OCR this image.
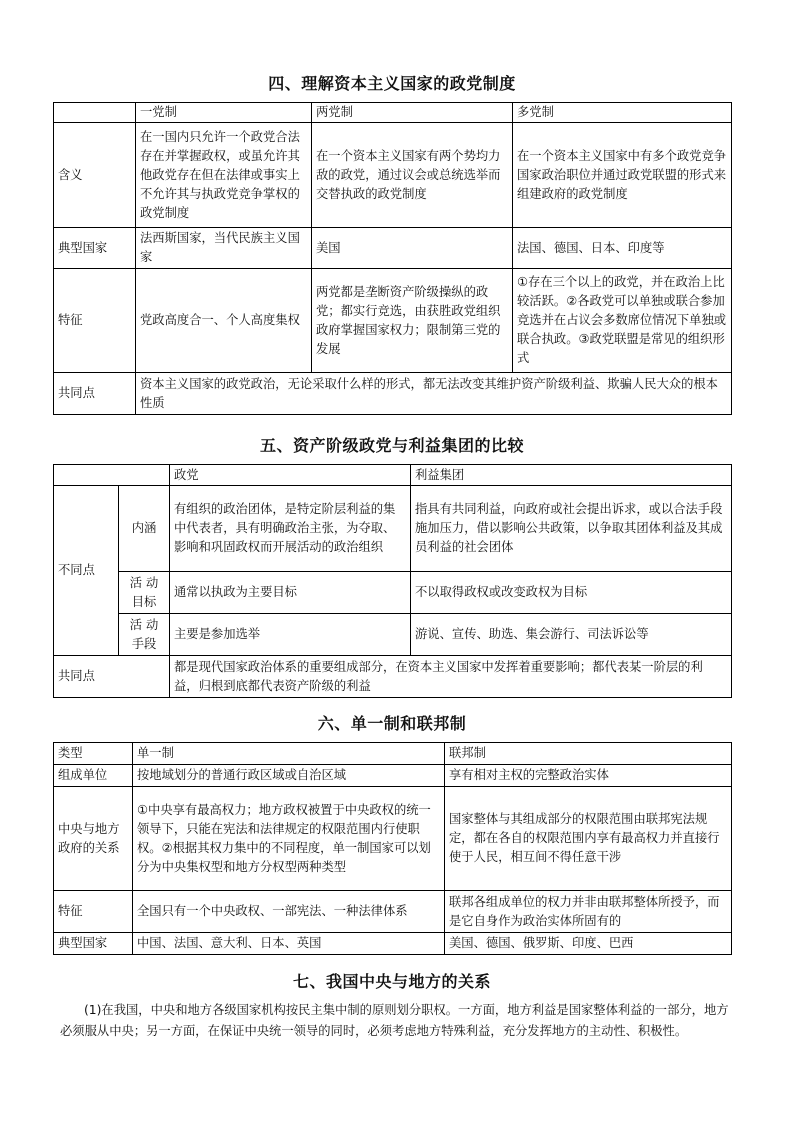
四、理解资本主义国家的政党制度
	一党制	两党制	多党制
含义	在一国内只允许一个政党合法存在并掌握政权，或虽允许其他政党存在但在法律或事实上不允许其与执政党竞争掌权的政党制度	在一个资本主义国家有两个势均力敌的政党，通过议会或总统选举而交替执政的政党制度	在一个资本主义国家中有多个政党竞争国家政治职位并通过政党联盟的形式来组建政府的政党制度
典型国家	法西斯国家，当代民族主义国家	美国	法国、德国、日本、印度等
特征	党政高度合一、个人高度集权	两党都是垄断资产阶级操纵的政党；都实行竞选，由获胜政党组织政府掌握国家权力；限制第三党的发展	①存在三个以上的政党，并在政治上比较活跃。②各政党可以单独或联合参加竞选并在占议会多数席位情况下单独或联合执政。③政党联盟是常见的组织形式
共同点	资本主义国家的政党政治，无论采取什么样的形式，都无法改变其维护资产阶级利益、欺骗人民大众的根本性质		
五、资产阶级政党与利益集团的比较
		政党	利益集团
不同点	内涵	有组织的政治团体，是特定阶层利益的集中代表者，具有明确政治主张，为夺取、影响和巩固政权而开展活动的政治组织	指具有共同利益，向政府或社会提出诉求，或以合法手段施加压力，借以影响公共政策，以争取其团体利益及其成员利益的社会团体
	活 动 目标	通常以执政为主要目标	不以取得政权或改变政权为目标
	活 动 手段	主要是参加选举	游说、宣传、助选、集会游行、司法诉讼等
共同点		都是现代国家政治体系的重要组成部分，在资本主义国家中发挥着重要影响；都代表某一阶层的利益，归根到底都代表资产阶级的利益	
六、单一制和联邦制
类型	单一制	联邦制
组成单位	按地域划分的普通行政区域或自治区域	享有相对主权的完整政治实体
中央与地方政府的关系	①中央享有最高权力；地方政权被置于中央政权的统一领导下，只能在宪法和法律规定的权限范围内行使职权。②根据其权力集中的不同程度，单一制国家可以划分为中央集权型和地方分权型两种类型	国家整体与其组成部分的权限范围由联邦宪法规定，都在各自的权限范围内享有最高权力并直接行使于人民，相互间不得任意干涉
特征	全国只有一个中央政权、一部宪法、一种法律体系	联邦各组成单位的权力并非由联邦整体所授予，而是它自身作为政治实体所固有的
典型国家	中国、法国、意大利、日本、英国	美国、德国、俄罗斯、印度、巴西
七、我国中央与地方的关系

(1)在我国，中央和地方各级国家机构按民主集中制的原则划分职权。一方面，地方利益是国家整体利益的一部分，地方必须服从中央；另一方面，在保证中央统一领导的同时，必须考虑地方特殊利益，充分发挥地方的主动性、积极性。
